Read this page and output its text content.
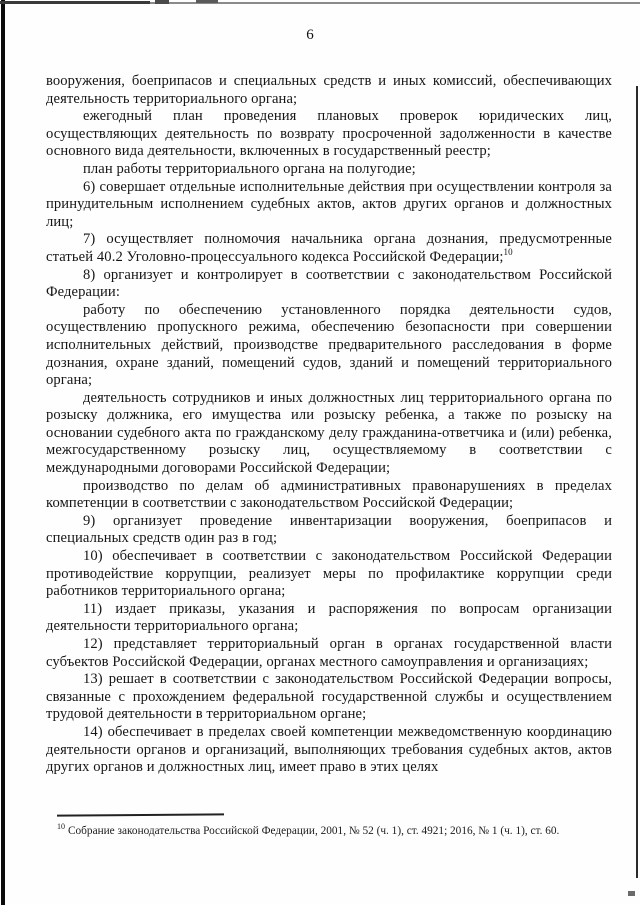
6

вооружения, боеприпасов и специальных средств и иных комиссий, обеспечивающих деятельность территориального органа;

ежегодный план проведения плановых проверок юридических лиц, осуществляющих деятельность по возврату просроченной задолженности в качестве основного вида деятельности, включенных в государственный реестр;

план работы территориального органа на полугодие;

6) совершает отдельные исполнительные действия при осуществлении контроля за принудительным исполнением судебных актов, актов других органов и должностных лиц;

7) осуществляет полномочия начальника органа дознания, предусмотренные статьей 40.2 Уголовно-процессуального кодекса Российской Федерации;$^{10}$

8) организует и контролирует в соответствии с законодательством Российской Федерации:

работу по обеспечению установленного порядка деятельности судов, осуществлению пропускного режима, обеспечению безопасности при совершении исполнительных действий, производстве предварительного расследования в форме дознания, охране зданий, помещений судов, зданий и помещений территориального органа;

деятельность сотрудников и иных должностных лиц территориального органа по розыску должника, его имущества или розыску ребенка, а также по розыску на основании судебного акта по гражданскому делу гражданина-ответчика и (или) ребенка, межгосударственному розыску лиц, осуществляемому в соответствии с международными договорами Российской Федерации;

производство по делам об административных правонарушениях в пределах компетенции в соответствии с законодательством Российской Федерации;

9) организует проведение инвентаризации вооружения, боеприпасов и специальных средств один раз в год;

10) обеспечивает в соответствии с законодательством Российской Федерации противодействие коррупции, реализует меры по профилактике коррупции среди работников территориального органа;

11) издает приказы, указания и распоряжения по вопросам организации деятельности территориального органа;

12) представляет территориальный орган в органах государственной власти субъектов Российской Федерации, органах местного самоуправления и организациях;

13) решает в соответствии с законодательством Российской Федерации вопросы, связанные с прохождением федеральной государственной службы и осуществлением трудовой деятельности в территориальном органе;

14) обеспечивает в пределах своей компетенции межведомственную координацию деятельности органов и организаций, выполняющих требования судебных актов, актов других органов и должностных лиц, имеет право в этих целях

$^{10}$ Собрание законодательства Российской Федерации, 2001, № 52 (ч. 1), ст. 4921; 2016, № 1 (ч. 1), ст. 60.
